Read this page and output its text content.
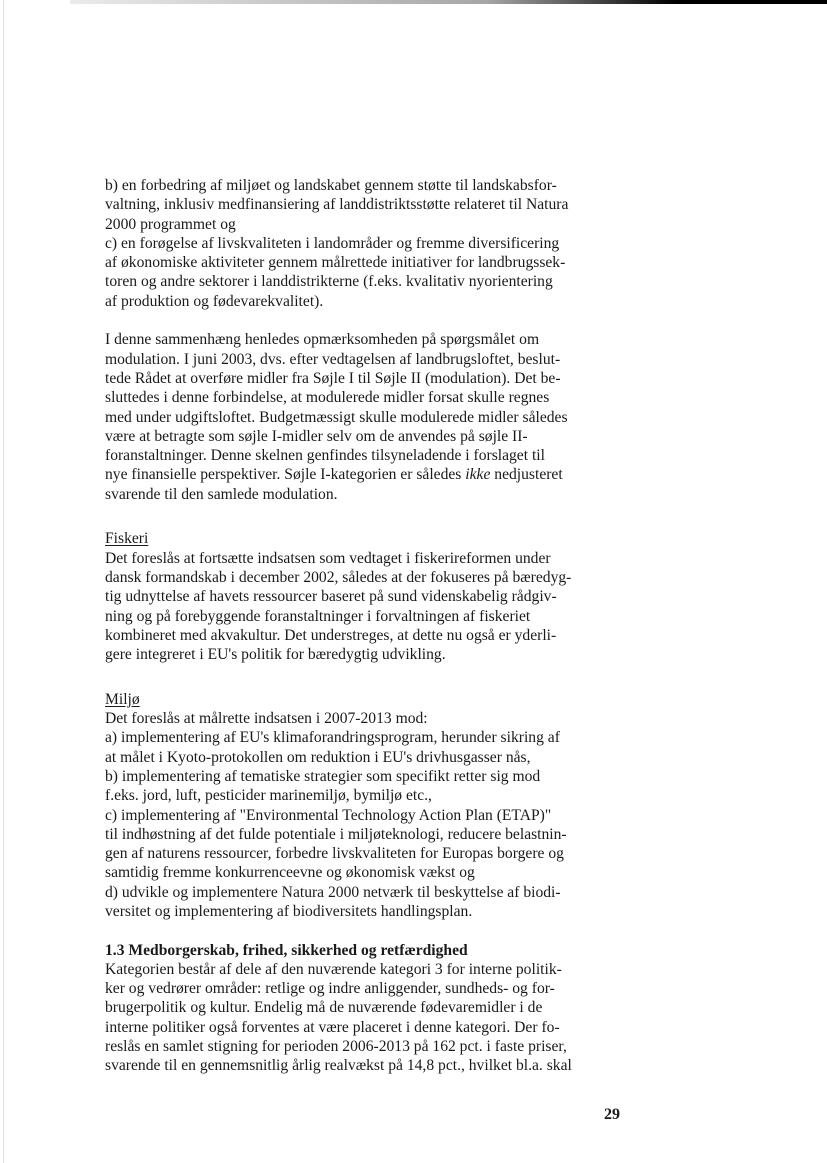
b) en forbedring af miljøet og landskabet gennem støtte til landskabsfor-
valtning, inklusiv medfinansiering af landdistriktsstøtte relateret til Natura
2000 programmet og
c) en forøgelse af livskvaliteten i landområder og fremme diversificering
af økonomiske aktiviteter gennem målrettede initiativer for landbrugssek-
toren og andre sektorer i landdistrikterne (f.eks. kvalitativ nyorientering
af produktion og fødevarekvalitet).
I denne sammenhæng henledes opmærksomheden på spørgsmålet om
modulation. I juni 2003, dvs. efter vedtagelsen af landbrugsloftet, beslut-
tede Rådet at overføre midler fra Søjle I til Søjle II (modulation). Det be-
sluttedes i denne forbindelse, at modulerede midler forsat skulle regnes
med under udgiftsloftet. Budgetmæssigt skulle modulerede midler således
være at betragte som søjle I-midler selv om de anvendes på søjle II-
foranstaltninger. Denne skelnen genfindes tilsyneladende i forslaget til
nye finansielle perspektiver. Søjle I-kategorien er således ikke nedjusteret
svarende til den samlede modulation.
Fiskeri
Det foreslås at fortsætte indsatsen som vedtaget i fiskerireformen under
dansk formandskab i december 2002, således at der fokuseres på bæredyg-
tig udnyttelse af havets ressourcer baseret på sund videnskabelig rådgiv-
ning og på forebyggende foranstaltninger i forvaltningen af fiskeriet
kombineret med akvakultur. Det understreges, at dette nu også er yderli-
gere integreret i EU's politik for bæredygtig udvikling.
Miljø
Det foreslås at målrette indsatsen i 2007-2013 mod:
a) implementering af EU's klimaforandringsprogram, herunder sikring af
at målet i Kyoto-protokollen om reduktion i EU's drivhusgasser nås,
b) implementering af tematiske strategier som specifikt retter sig mod
f.eks. jord, luft, pesticider marinemiljø, bymiljø etc.,
c) implementering af "Environmental Technology Action Plan (ETAP)"
til indhøstning af det fulde potentiale i miljøteknologi, reducere belastnin-
gen af naturens ressourcer, forbedre livskvaliteten for Europas borgere og
samtidig fremme konkurrenceevne og økonomisk vækst og
d) udvikle og implementere Natura 2000 netværk til beskyttelse af biodi-
versitet og implementering af biodiversitets handlingsplan.
1.3 Medborgerskab, frihed, sikkerhed og retfærdighed
Kategorien består af dele af den nuværende kategori 3 for interne politik-
ker og vedrører områder: retlige og indre anliggender, sundheds- og for-
brugerpolitik og kultur. Endelig må de nuværende fødevaremidler i de
interne politiker også forventes at være placeret i denne kategori. Der fo-
reslås en samlet stigning for perioden 2006-2013 på 162 pct. i faste priser,
svarende til en gennemsnitlig årlig realvækst på 14,8 pct., hvilket bl.a. skal
29
